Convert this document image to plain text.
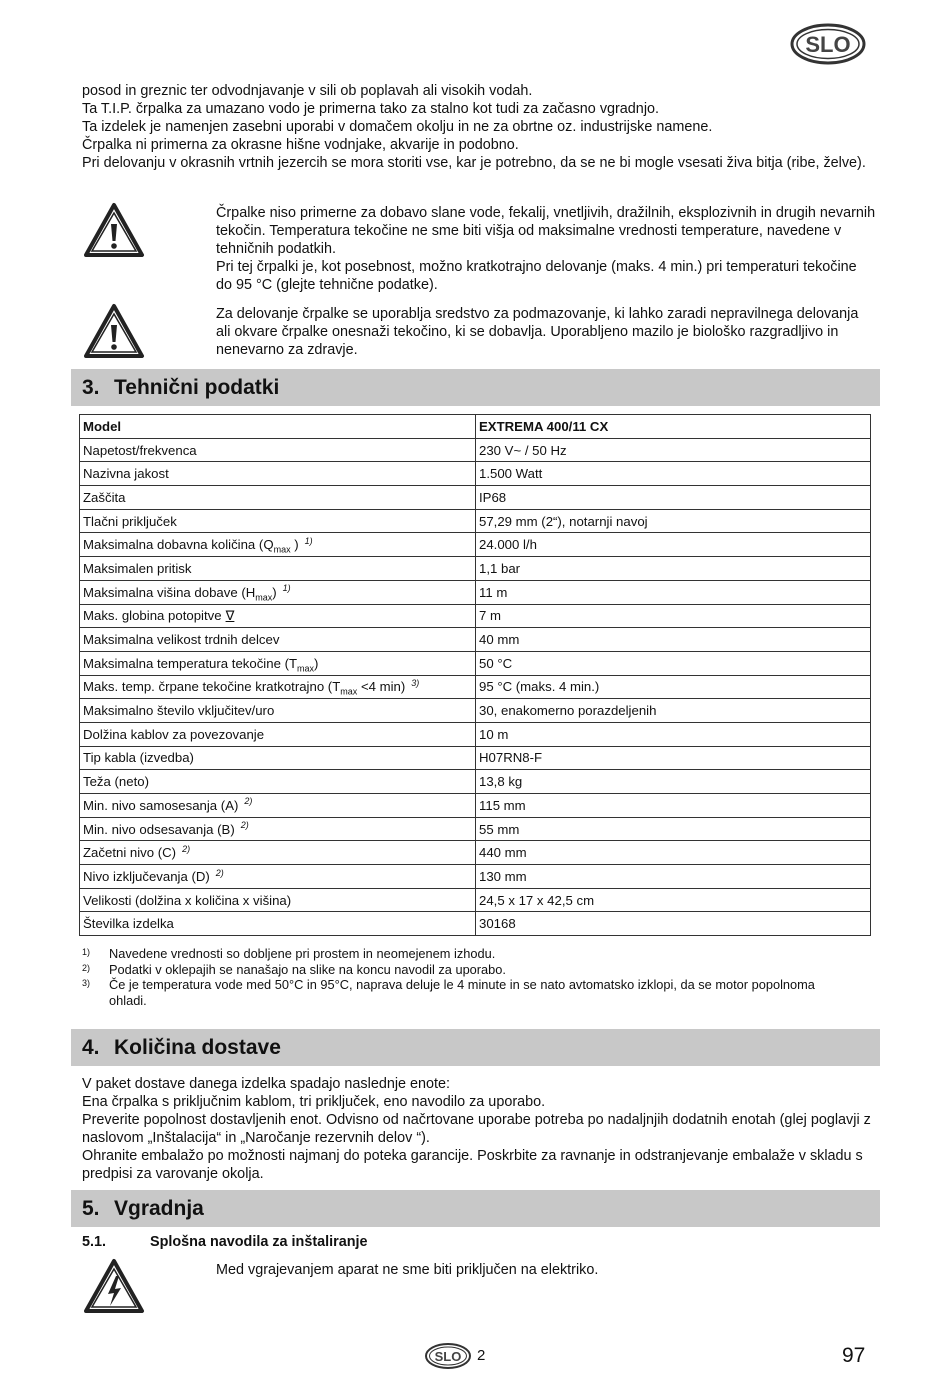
SLO

posod in greznic ter odvodnjavanje v sili ob poplavah ali visokih vodah.

Ta T.I.P. črpalka za umazano vodo je primerna tako za stalno kot tudi za začasno vgradnjo.

Ta izdelek je namenjen zasebni uporabi v domačem okolju in ne za obrtne oz. industrijske namene.

Črpalka ni primerna za okrasne hišne vodnjake, akvarije in podobno.

Pri delovanju v okrasnih vrtnih jezercih se mora storiti vse, kar je potrebno, da se ne bi mogle vsesati živa bitja (ribe, želve).

Črpalke niso primerne za dobavo slane vode, fekalij, vnetljivih, dražilnih, eksplozivnih in drugih nevarnih tekočin. Temperatura tekočine ne sme biti višja od maksimalne vrednosti temperature, navedene v tehničnih podatkih.

Pri tej črpalki je, kot posebnost, možno kratkotrajno delovanje (maks. 4 min.) pri temperaturi tekočine do 95 °C (glejte tehnične podatke).

Za delovanje črpalke se uporablja sredstvo za podmazovanje, ki lahko zaradi nepravilnega delovanja ali okvare črpalke onesnaži tekočino, ki se dobavlja. Uporabljeno mazilo je biološko razgradljivo in nenevarno za zdravje.

3. Tehnični podatki
Model	EXTREMA 400/11 CX
Napetost/frekvenca	230 V~ / 50 Hz
Nazivna jakost	1.500 Watt
Zaščita	IP68
Tlačni priključek	57,29 mm (2“), notarnji navoj
Maksimalna dobavna količina ($Q_{max}$ ) $^{1)}$	24.000 l/h
Maksimalen pritisk	1,1 bar
Maksimalna višina dobave $(H_{max})$ $^{1)}$	11 m
Maks. globina potopitve ∇	7 m
Maksimalna velikost trdnih delcev	40 mm
Maksimalna temperatura tekočine $(T_{max})$	50 °C
Maks. temp. črpane tekočine kratkotrajno ($T_{max} <4$ min) $^{3)}$	95 °C (maks. 4 min.)
Maksimalno število vključitev/uro	30, enakomerno porazdeljenih
Dolžina kablov za povezovanje	10 m
Tip kabla (izvedba)	H07RN8-F
Teža (neto)	13,8 kg
Min. nivo samosesanja (A) $^{2)}$	115 mm
Min. nivo odsesavanja (B) $^{2)}$	55 mm
Začetni nivo (C) $^{2)}$	440 mm
Nivo izključevanja (D) $^{2)}$	130 mm
Velikosti (dolžina x količina x višina)	24,5 x 17 x 42,5 cm
Številka izdelka	30168
1)	Navedene vrednosti so dobljene pri prostem in neomejenem izhodu.
2)	Podatki v oklepajih se nanašajo na slike na koncu navodil za uporabo.
3)	Če je temperatura vode med 50°C in 95°C, naprava deluje le 4 minute in se nato avtomatsko izklopi, da se motor popolnoma ohladi.
4. Količina dostave

V paket dostave danega izdelka spadajo naslednje enote:

Ena črpalka s priključnim kablom, tri priključek, eno navodilo za uporabo.

Preverite popolnost dostavljenih enot. Odvisno od načrtovane uporabe potreba po nadaljnjih dodatnih enotah (glej poglavji z naslovom „Inštalacija“ in „Naročanje rezervnih delov “).

Ohranite embalažo po možnosti najmanj do poteka garancije. Poskrbite za ravnanje in odstranjevanje embalaže v skladu s predpisi za varovanje okolja.

5. Vgradnja
5.1.	Splošna navodila za inštaliranje

Med vgrajevanjem aparat ne sme biti priključen na elektriko.

SLO 2	97
